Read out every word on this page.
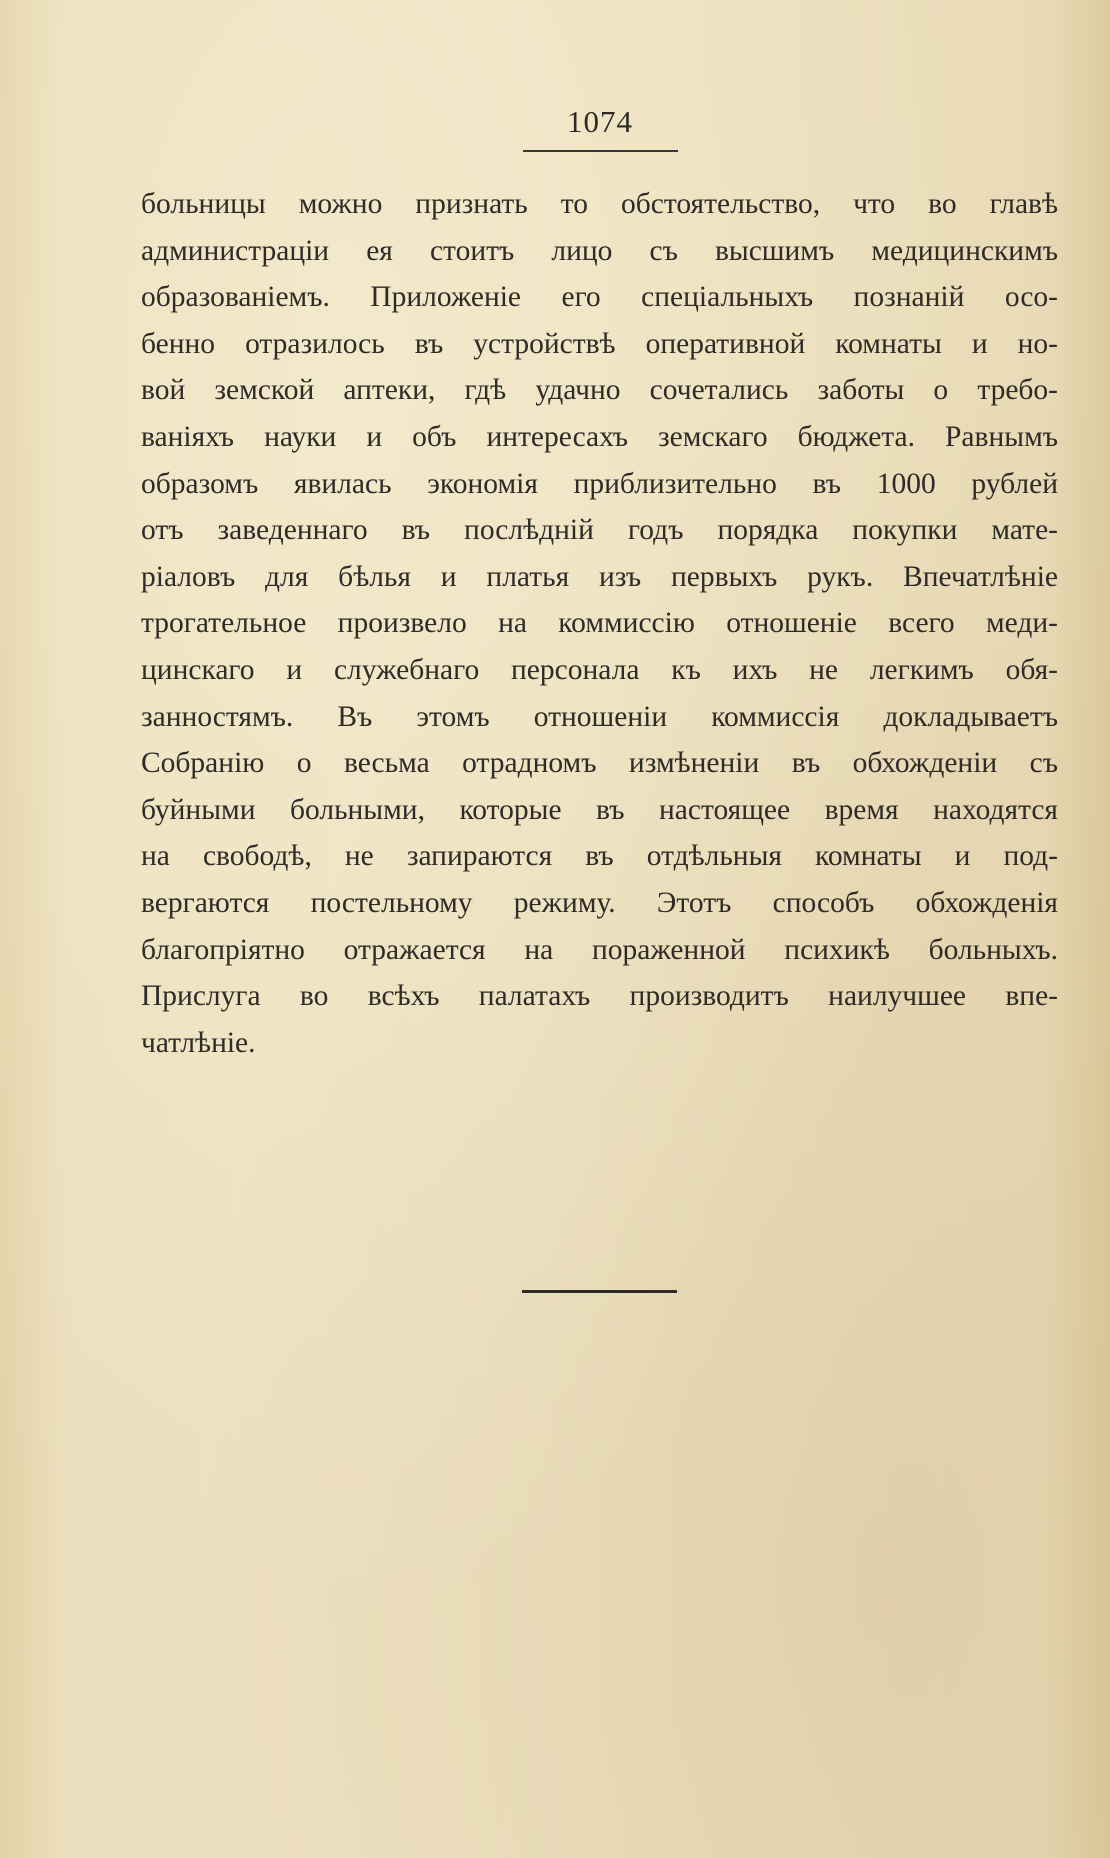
1074
больницы можно признать то обстоятельство, что во главѣ
администраціи ея стоитъ лицо съ высшимъ медицинскимъ
образованіемъ. Приложеніе его спеціальныхъ познаній осо-
бенно отразилось въ устройствѣ оперативной комнаты и но-
вой земской аптеки, гдѣ удачно сочетались заботы о требо-
ваніяхъ науки и объ интересахъ земскаго бюджета. Равнымъ
образомъ явилась экономія приблизительно въ 1000 рублей
отъ заведеннаго въ послѣдній годъ порядка покупки мате-
ріаловъ для бѣлья и платья изъ первыхъ рукъ. Впечатлѣніе
трогательное произвело на коммиссію отношеніе всего меди-
цинскаго и служебнаго персонала къ ихъ не легкимъ обя-
занностямъ. Въ этомъ отношеніи коммиссія докладываетъ
Собранію о весьма отрадномъ измѣненіи въ обхожденіи съ
буйными больными, которые въ настоящее время находятся
на свободѣ, не запираются въ отдѣльныя комнаты и под-
вергаются постельному режиму. Этотъ способъ обхожденія
благопріятно отражается на пораженной психикѣ больныхъ.
Прислуга во всѣхъ палатахъ производитъ наилучшее впе-
чатлѣніе.
